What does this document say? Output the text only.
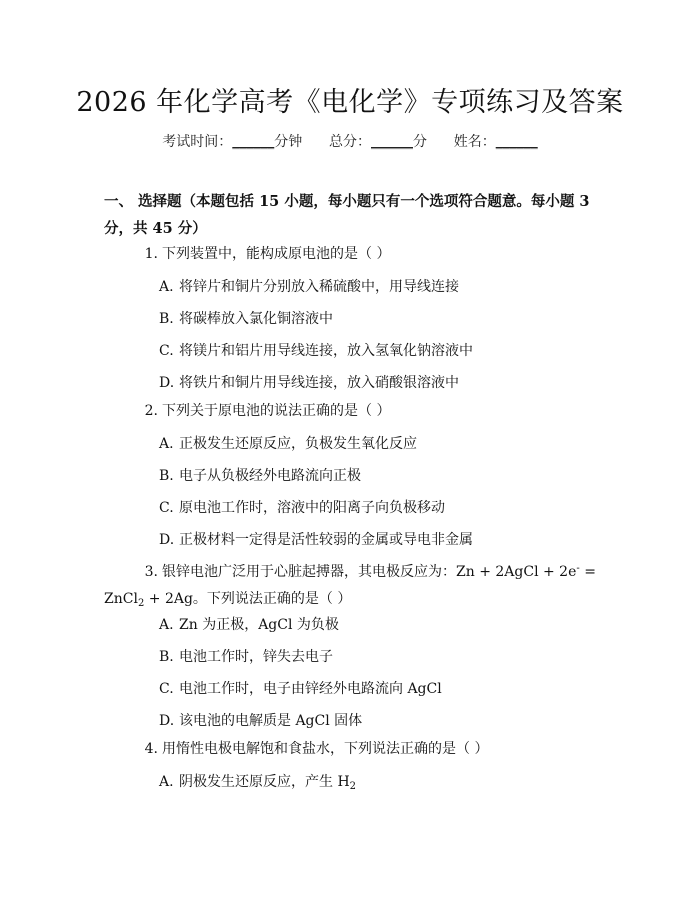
2026 年化学高考《电化学》专项练习及答案
考试时间：______分钟 总分：______分 姓名：______
一、 选择题（本题包括 15 小题，每小题只有一个选项符合题意。每小题 3 分，共 45 分）
1. 下列装置中，能构成原电池的是（ ）
A. 将锌片和铜片分别放入稀硫酸中，用导线连接
B. 将碳棒放入氯化铜溶液中
C. 将镁片和铝片用导线连接，放入氢氧化钠溶液中
D. 将铁片和铜片用导线连接，放入硝酸银溶液中
2. 下列关于原电池的说法正确的是（ ）
A. 正极发生还原反应，负极发生氧化反应
B. 电子从负极经外电路流向正极
C. 原电池工作时，溶液中的阳离子向负极移动
D. 正极材料一定得是活性较弱的金属或导电非金属
3. 银锌电池广泛用于心脏起搏器，其电极反应为：Zn + 2AgCl + 2e- = ZnCl$_2$ + 2Ag。下列说法正确的是（ ）
A. Zn 为正极，AgCl 为负极
B. 电池工作时，锌失去电子
C. 电池工作时，电子由锌经外电路流向 AgCl
D. 该电池的电解质是 AgCl 固体
4. 用惰性电极电解饱和食盐水，下列说法正确的是（ ）
A. 阴极发生还原反应，产生 $H_2$
